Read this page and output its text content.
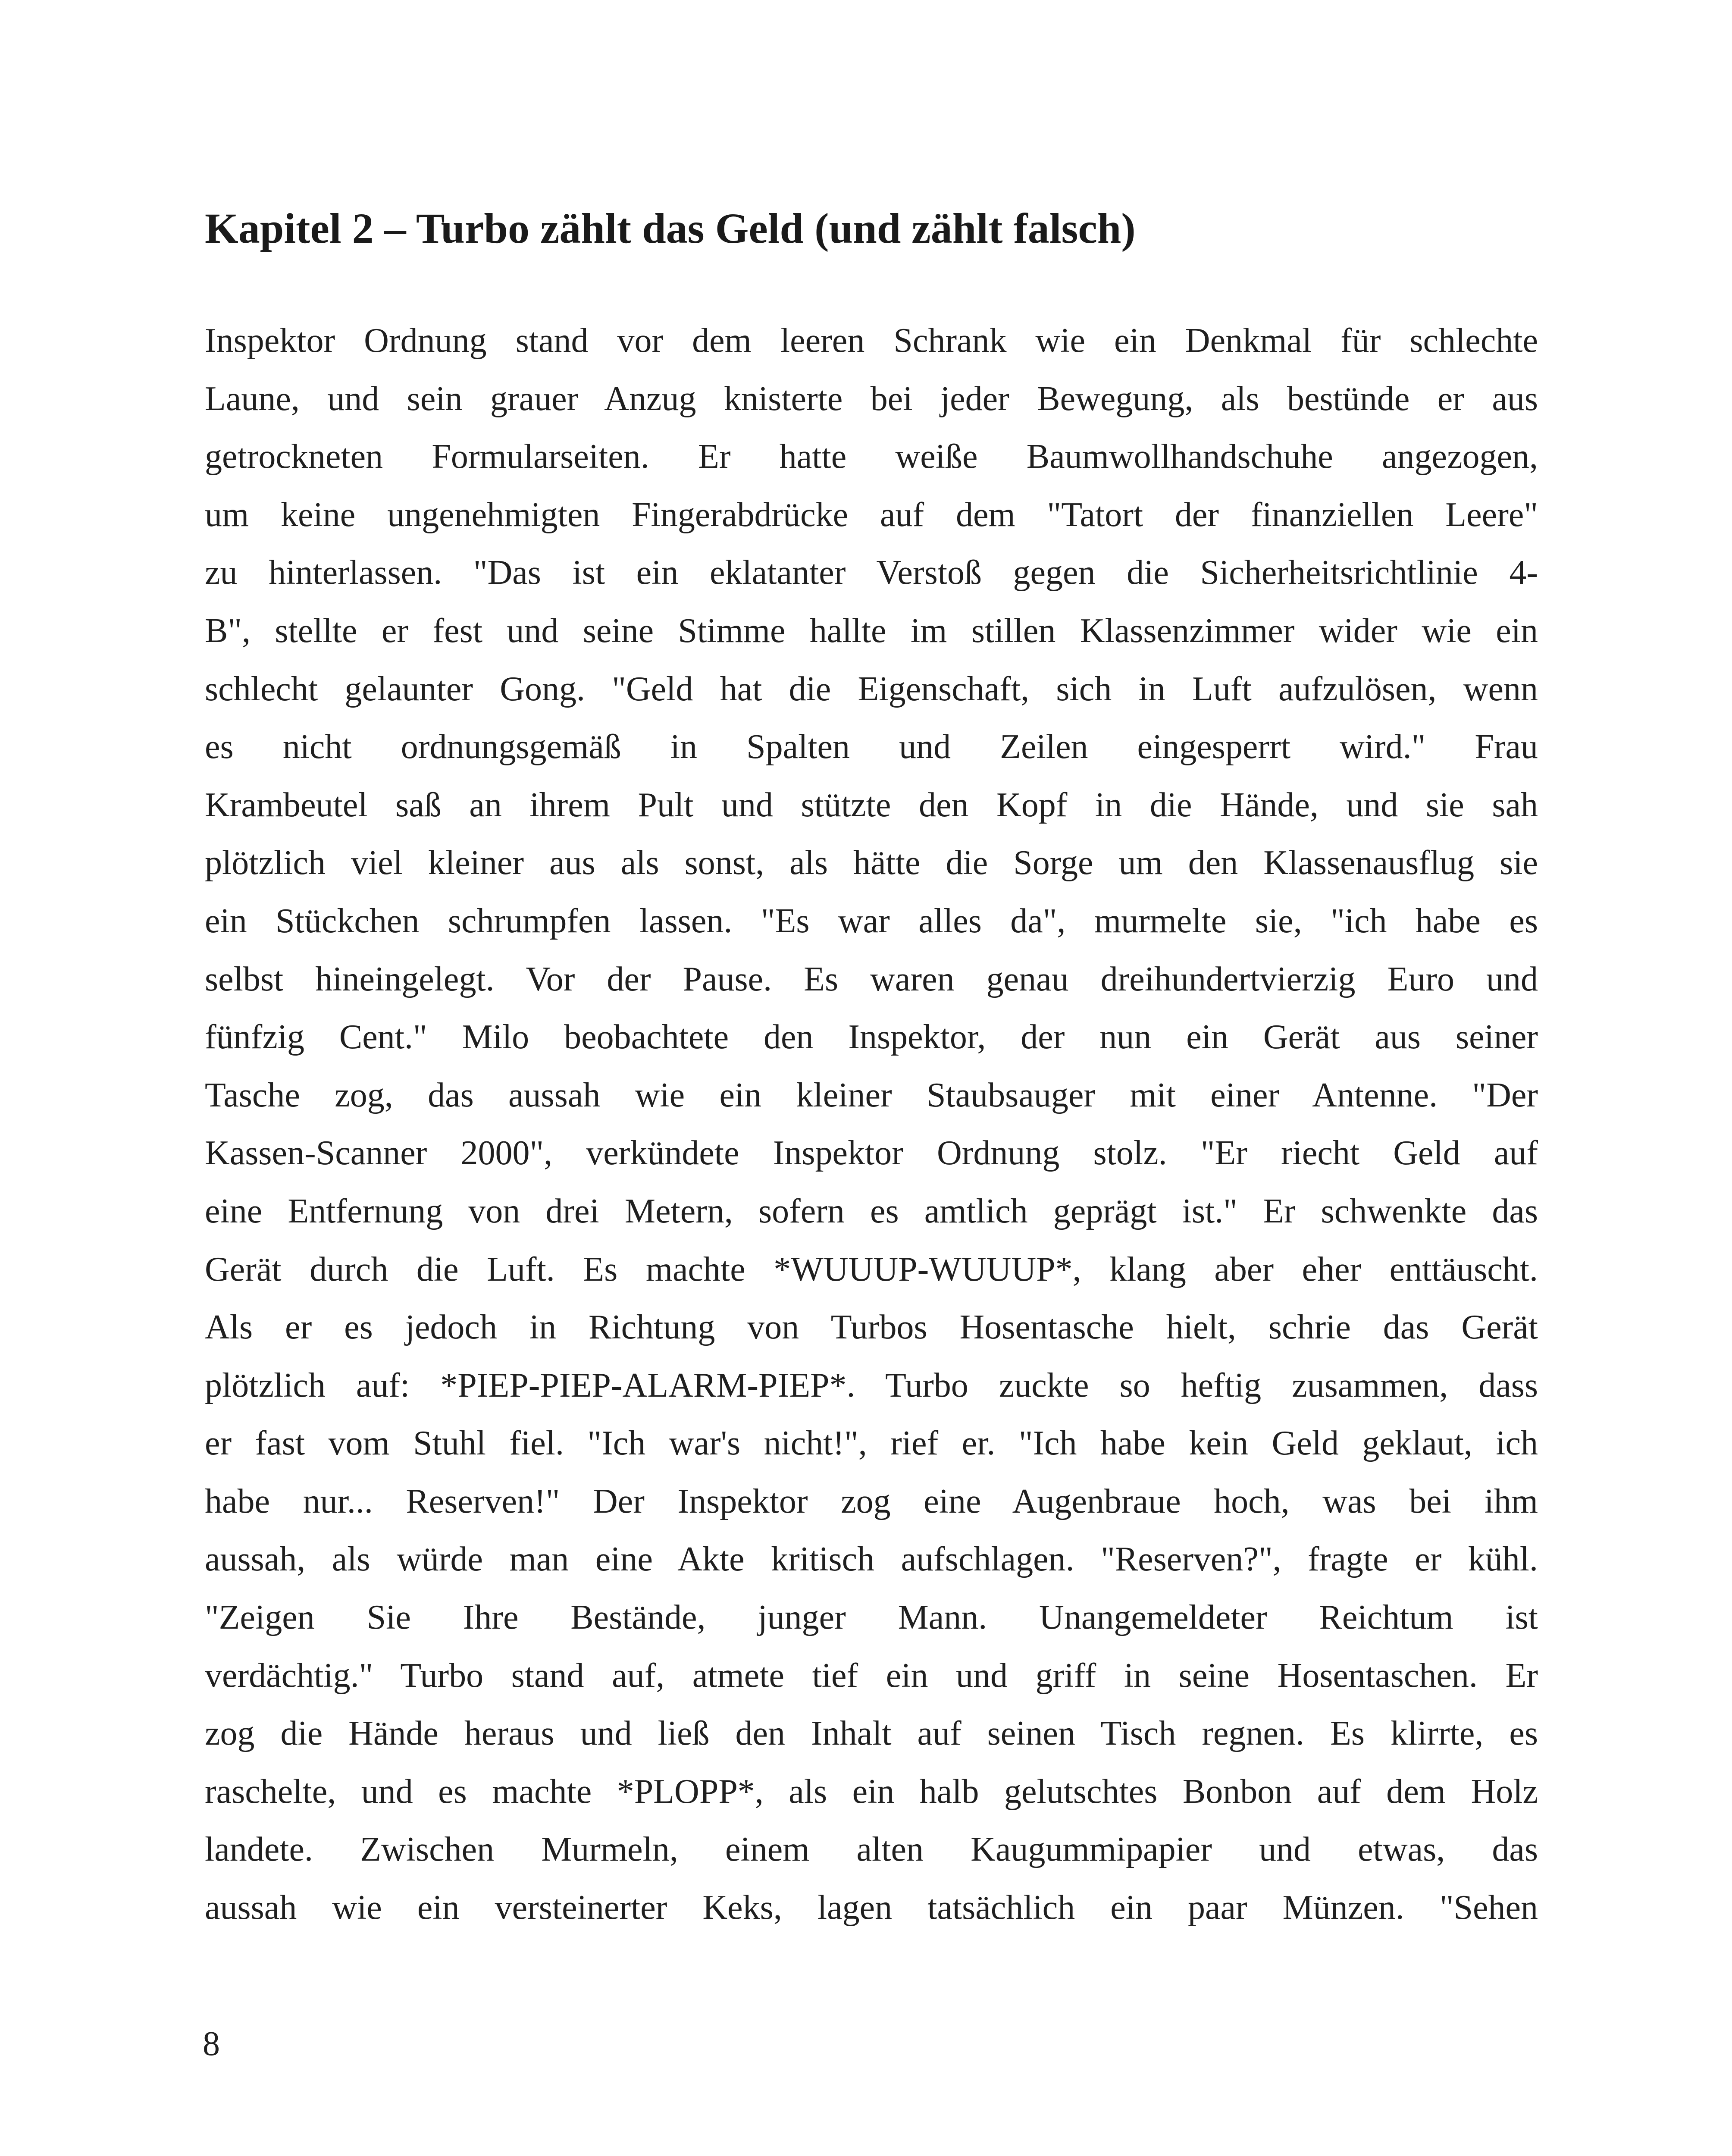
Kapitel 2 – Turbo zählt das Geld (und zählt falsch)
Inspektor Ordnung stand vor dem leeren Schrank wie ein Denkmal für schlechte
Laune, und sein grauer Anzug knisterte bei jeder Bewegung, als bestünde er aus
getrockneten Formularseiten. Er hatte weiße Baumwollhandschuhe angezogen,
um keine ungenehmigten Fingerabdrücke auf dem "Tatort der finanziellen Leere"
zu hinterlassen. "Das ist ein eklatanter Verstoß gegen die Sicherheitsrichtlinie 4-
B", stellte er fest und seine Stimme hallte im stillen Klassenzimmer wider wie ein
schlecht gelaunter Gong. "Geld hat die Eigenschaft, sich in Luft aufzulösen, wenn
es nicht ordnungsgemäß in Spalten und Zeilen eingesperrt wird." Frau
Krambeutel saß an ihrem Pult und stützte den Kopf in die Hände, und sie sah
plötzlich viel kleiner aus als sonst, als hätte die Sorge um den Klassenausflug sie
ein Stückchen schrumpfen lassen. "Es war alles da", murmelte sie, "ich habe es
selbst hineingelegt. Vor der Pause. Es waren genau dreihundertvierzig Euro und
fünfzig Cent." Milo beobachtete den Inspektor, der nun ein Gerät aus seiner
Tasche zog, das aussah wie ein kleiner Staubsauger mit einer Antenne. "Der
Kassen-Scanner 2000", verkündete Inspektor Ordnung stolz. "Er riecht Geld auf
eine Entfernung von drei Metern, sofern es amtlich geprägt ist." Er schwenkte das
Gerät durch die Luft. Es machte *WUUUP-WUUUP*, klang aber eher enttäuscht.
Als er es jedoch in Richtung von Turbos Hosentasche hielt, schrie das Gerät
plötzlich auf: *PIEP-PIEP-ALARM-PIEP*. Turbo zuckte so heftig zusammen, dass
er fast vom Stuhl fiel. "Ich war's nicht!", rief er. "Ich habe kein Geld geklaut, ich
habe nur... Reserven!" Der Inspektor zog eine Augenbraue hoch, was bei ihm
aussah, als würde man eine Akte kritisch aufschlagen. "Reserven?", fragte er kühl.
"Zeigen Sie Ihre Bestände, junger Mann. Unangemeldeter Reichtum ist
verdächtig." Turbo stand auf, atmete tief ein und griff in seine Hosentaschen. Er
zog die Hände heraus und ließ den Inhalt auf seinen Tisch regnen. Es klirrte, es
raschelte, und es machte *PLOPP*, als ein halb gelutschtes Bonbon auf dem Holz
landete. Zwischen Murmeln, einem alten Kaugummipapier und etwas, das
aussah wie ein versteinerter Keks, lagen tatsächlich ein paar Münzen. "Sehen

8
